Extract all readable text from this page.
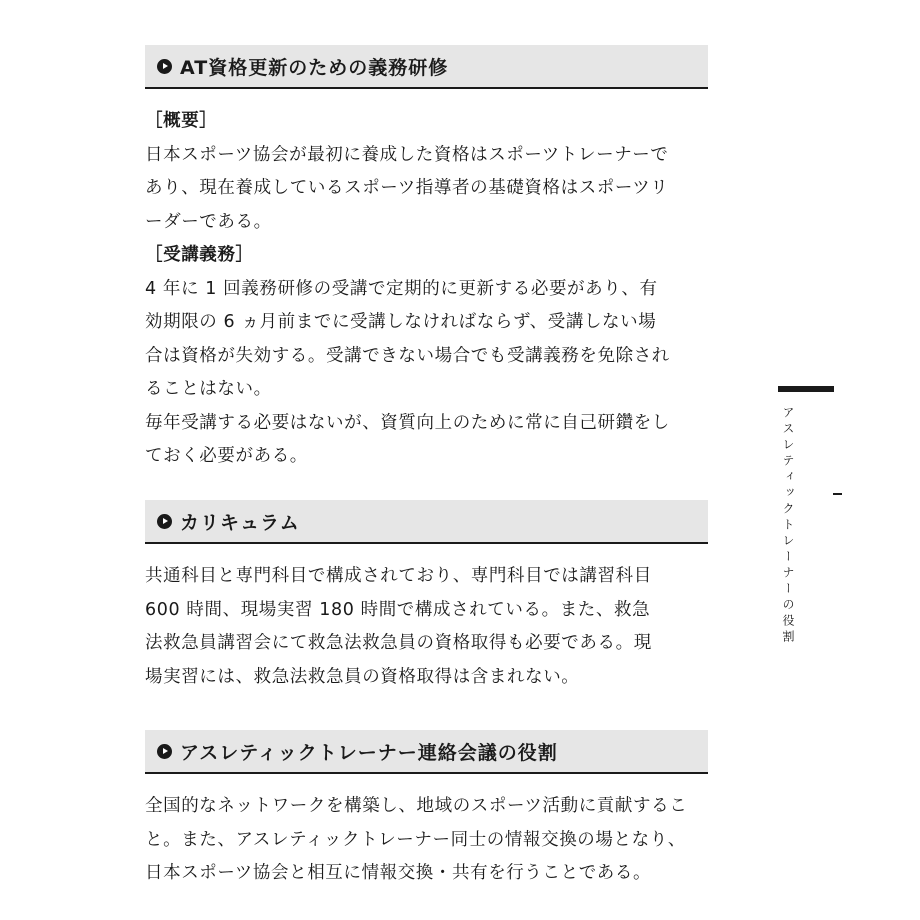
AT資格更新のための義務研修

［概要］

日本スポーツ協会が最初に養成した資格はスポーツトレーナーで

あり、現在養成しているスポーツ指導者の基礎資格はスポーツリ

ーダーである。

［受講義務］

4 年に 1 回義務研修の受講で定期的に更新する必要があり、有

効期限の 6 ヵ月前までに受講しなければならず、受講しない場

合は資格が失効する。受講できない場合でも受講義務を免除され

ることはない。

毎年受講する必要はないが、資質向上のために常に自己研鑽をし

ておく必要がある。

カリキュラム

共通科目と専門科目で構成されており、専門科目では講習科目

600 時間、現場実習 180 時間で構成されている。また、救急

法救急員講習会にて救急法救急員の資格取得も必要である。現

場実習には、救急法救急員の資格取得は含まれない。

アスレティックトレーナー連絡会議の役割

全国的なネットワークを構築し、地域のスポーツ活動に貢献するこ

と。また、アスレティックトレーナー同士の情報交換の場となり、

日本スポーツ協会と相互に情報交換・共有を行うことである。

アスレティックトレーナーの役割
